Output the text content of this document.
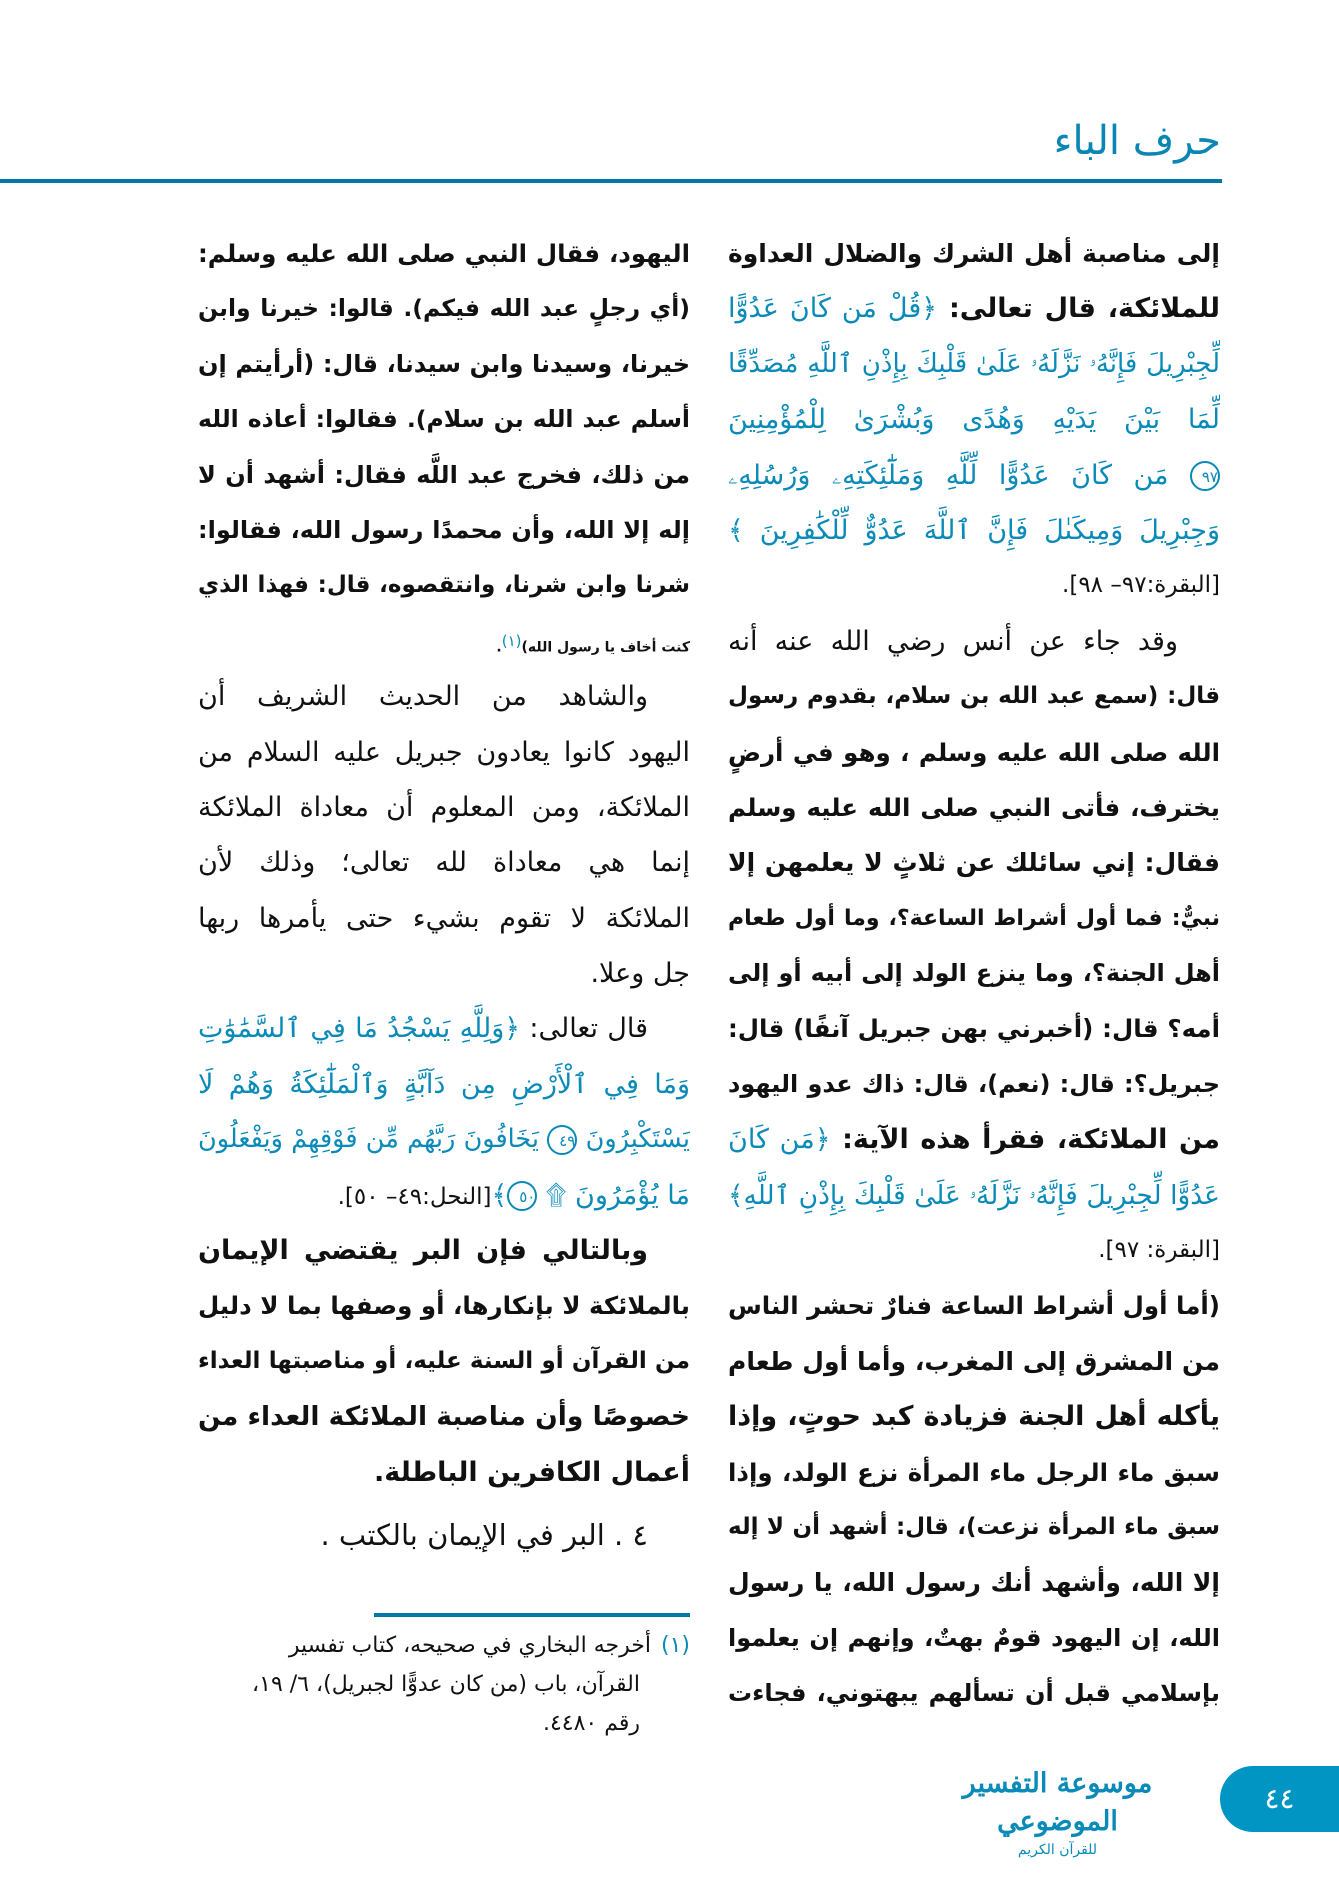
حرف الباء
إلى مناصبة أهل الشرك والضلال العداوة
للملائكة، قال تعالى: ﴿قُلْ مَن كَانَ عَدُوًّا
لِّجِبْرِيلَ فَإِنَّهُۥ نَزَّلَهُۥ عَلَىٰ قَلْبِكَ بِإِذْنِ ٱللَّهِ مُصَدِّقًا
لِّمَا بَيْنَ يَدَيْهِ وَهُدًى وَبُشْرَىٰ لِلْمُؤْمِنِينَ
٩٧ مَن كَانَ عَدُوًّا لِّلَّهِ وَمَلَٰٓئِكَتِهِۦ وَرُسُلِهِۦ
وَجِبْرِيلَ وَمِيكَىٰلَ فَإِنَّ ٱللَّهَ عَدُوٌّ لِّلْكَٰفِرِينَ ﴾
[البقرة:٩٧– ٩٨].
وقد جاء عن أنس رضي الله عنه أنه
قال: (سمع عبد الله بن سلام، بقدوم رسول
الله صلى الله عليه وسلم ، وهو في أرضٍ
يخترف، فأتى النبي صلى الله عليه وسلم
فقال: إني سائلك عن ثلاثٍ لا يعلمهن إلا
نبيٌّ: فما أول أشراط الساعة؟، وما أول طعام
أهل الجنة؟، وما ينزع الولد إلى أبيه أو إلى
أمه؟ قال: (أخبرني بهن جبريل آنفًا) قال:
جبريل؟: قال: (نعم)، قال: ذاك عدو اليهود
من الملائكة، فقرأ هذه الآية: ﴿مَن كَانَ
عَدُوًّا لِّجِبْرِيلَ فَإِنَّهُۥ نَزَّلَهُۥ عَلَىٰ قَلْبِكَ بِإِذْنِ ٱللَّهِ﴾
[البقرة: ٩٧].
(أما أول أشراط الساعة فنارٌ تحشر الناس
من المشرق إلى المغرب، وأما أول طعام
يأكله أهل الجنة فزيادة كبد حوتٍ، وإذا
سبق ماء الرجل ماء المرأة نزع الولد، وإذا
سبق ماء المرأة نزعت)، قال: أشهد أن لا إله
إلا الله، وأشهد أنك رسول الله، يا رسول
الله، إن اليهود قومٌ بهتٌ، وإنهم إن يعلموا
بإسلامي قبل أن تسألهم يبهتوني، فجاءت
اليهود، فقال النبي صلى الله عليه وسلم:
(أي رجلٍ عبد الله فيكم). قالوا: خيرنا وابن
خيرنا، وسيدنا وابن سيدنا، قال: (أرأيتم إن
أسلم عبد الله بن سلام). فقالوا: أعاذه الله
من ذلك، فخرج عبد اللَّه فقال: أشهد أن لا
إله إلا الله، وأن محمدًا رسول الله، فقالوا:
شرنا وابن شرنا، وانتقصوه، قال: فهذا الذي
كنت أخاف يا رسول الله)$^{(١)}$.
والشاهد من الحديث الشريف أن
اليهود كانوا يعادون جبريل عليه السلام من
الملائكة، ومن المعلوم أن معاداة الملائكة
إنما هي معاداة لله تعالى؛ وذلك لأن
الملائكة لا تقوم بشيء حتى يأمرها ربها
جل وعلا.
قال تعالى: ﴿وَلِلَّهِ يَسْجُدُ مَا فِي ٱلسَّمَٰوَٰتِ
وَمَا فِي ٱلْأَرْضِ مِن دَآبَّةٍ وَٱلْمَلَٰٓئِكَةُ وَهُمْ لَا
يَسْتَكْبِرُونَ ٤٩ يَخَافُونَ رَبَّهُم مِّن فَوْقِهِمْ وَيَفْعَلُونَ
مَا يُؤْمَرُونَ ۩ ٥٠﴾[النحل:٤٩– ٥٠].
وبالتالي فإن البر يقتضي الإيمان
بالملائكة لا بإنكارها، أو وصفها بما لا دليل
من القرآن أو السنة عليه، أو مناصبتها العداء
خصوصًا وأن مناصبة الملائكة العداء من
أعمال الكافرين الباطلة.
٤ . البر في الإيمان بالكتب .
(١)أخرجه البخاري في صحيحه، كتاب تفسير
القرآن، باب (من كان عدوًّا لجبريل)، ٦/ ١٩،
رقم ٤٤٨٠.
موسوعة التفسير الموضوعي
للقرآن الكريم
٤٤
